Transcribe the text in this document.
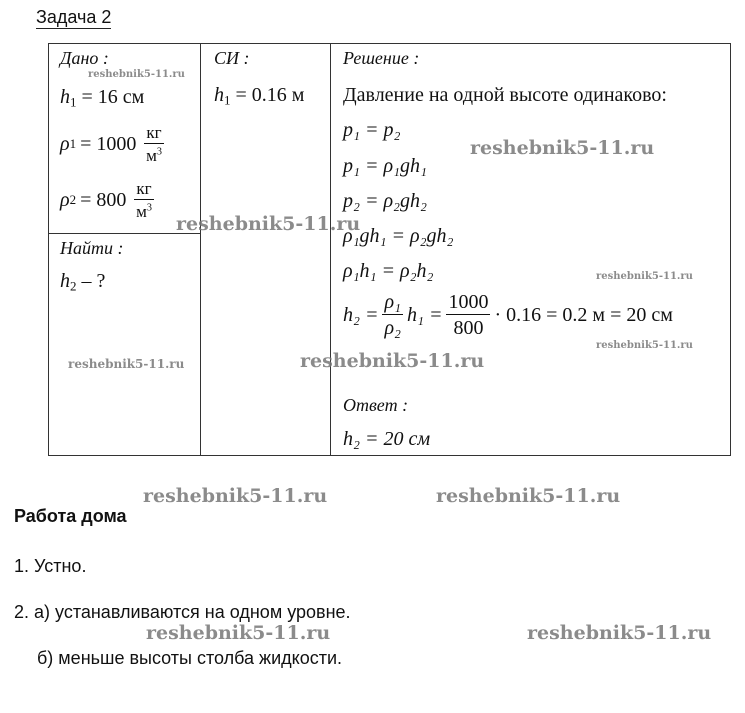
Задача 2
Дано :
$h_1 = 16$ см
ρ $1 = 1000 \frac{кг}{м^3}$
ρ $2 = 800 \frac{кг}{м^3}$
Найти :
$h_2$ – ?
СИ :
$h_1 = 0.16$ м
Решение :
Давление на одной высоте одинаково:
p₁ = p₂
p₁ = ρ₁gh₁
p₂ = ρ₂gh₂
ρ₁gh₁ = ρ₂gh₂
ρ₁h₁ = ρ₂h₂
$h_2 = \frac{\text{ρ₁}}{\text{ρ₂}} h_1 = \frac{1000}{800} \cdot 0.16 = 0.2$ м = 20 см
Ответ :
h₂ = 20 см
Работа дома
1. Устно.
2. а) устанавливаются на одном уровне.
б) меньше высоты столба жидкости.
reshebnik5-11.ru
reshebnik5-11.ru
reshebnik5-11.ru
reshebnik5-11.ru
reshebnik5-11.ru
reshebnik5-11.ru	reshebnik5-11.ru
reshebnik5-11.ru	reshebnik5-11.ru
reshebnik5-11.ru	reshebnik5-11.ru
